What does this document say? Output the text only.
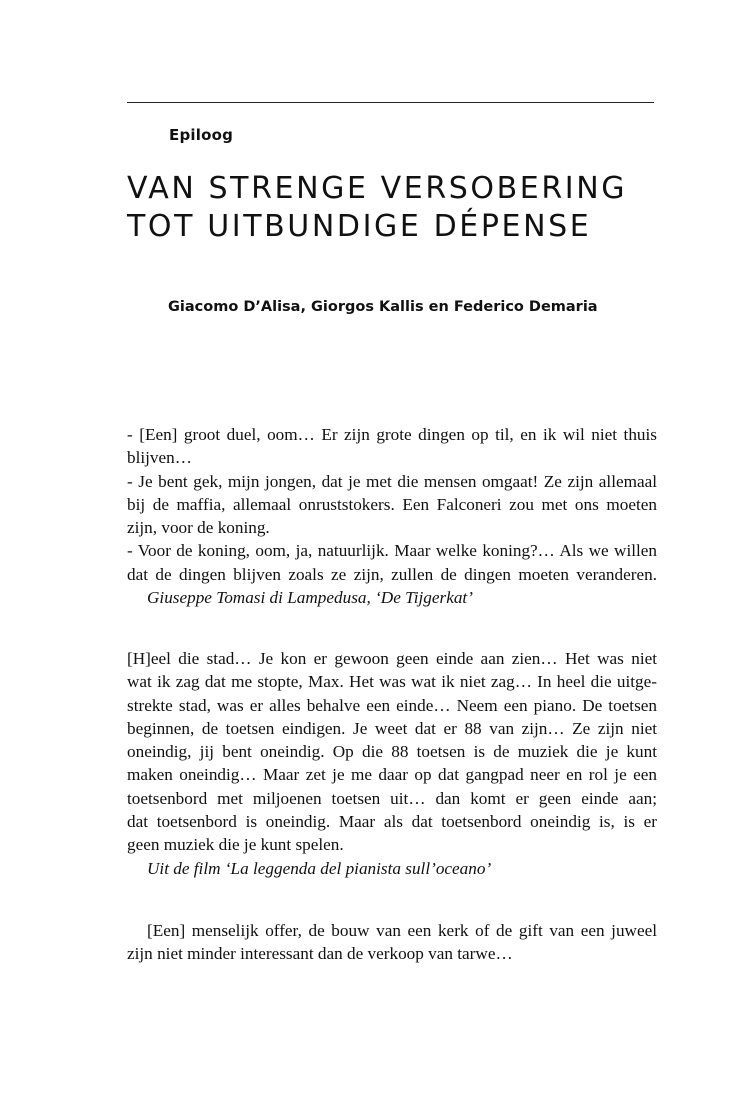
Epiloog
VAN STRENGE VERSOBERING
TOT UITBUNDIGE DÉPENSE
Giacomo D’Alisa, Giorgos Kallis en Federico Demaria
- [Een] groot duel, oom… Er zijn grote dingen op til, en ik wil niet thuis
blijven…
- Je bent gek, mijn jongen, dat je met die mensen omgaat! Ze zijn allemaal
bij de maffia, allemaal onruststokers. Een Falconeri zou met ons moeten
zijn, voor de koning.
- Voor de koning, oom, ja, natuurlijk. Maar welke koning?… Als we willen
dat de dingen blijven zoals ze zijn, zullen de dingen moeten veranderen.
Giuseppe Tomasi di Lampedusa, ‘De Tijgerkat’
[H]eel die stad… Je kon er gewoon geen einde aan zien… Het was niet
wat ik zag dat me stopte, Max. Het was wat ik niet zag… In heel die uitge-
strekte stad, was er alles behalve een einde… Neem een piano. De toetsen
beginnen, de toetsen eindigen. Je weet dat er 88 van zijn… Ze zijn niet
oneindig, jij bent oneindig. Op die 88 toetsen is de muziek die je kunt
maken oneindig… Maar zet je me daar op dat gangpad neer en rol je een
toetsenbord met miljoenen toetsen uit… dan komt er geen einde aan;
dat toetsenbord is oneindig. Maar als dat toetsenbord oneindig is, is er
geen muziek die je kunt spelen.
Uit de film ‘La leggenda del pianista sull’oceano’
[Een] menselijk offer, de bouw van een kerk of de gift van een juweel
zijn niet minder interessant dan de verkoop van tarwe…
